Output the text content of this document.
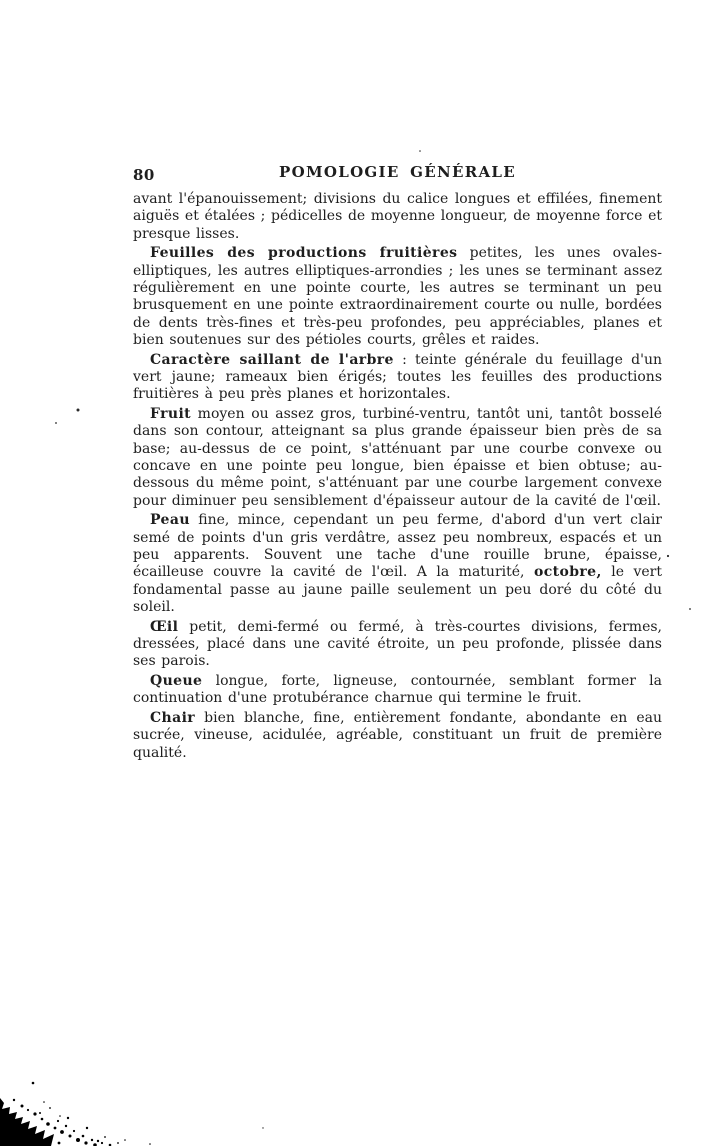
80	POMOLOGIE GÉNÉRALE

avant l'épanouissement; divisions du calice longues et effilées, finement aiguës et étalées ; pédicelles de moyenne longueur, de moyenne force et presque lisses.

Feuilles des productions fruitières petites, les unes ovales-elliptiques, les autres elliptiques-arrondies ; les unes se terminant assez régulièrement en une pointe courte, les autres se terminant un peu brusquement en une pointe extraordinairement courte ou nulle, bordées de dents très-fines et très-peu profondes, peu appréciables, planes et bien soutenues sur des pétioles courts, grêles et raides.

Caractère saillant de l'arbre : teinte générale du feuillage d'un vert jaune; rameaux bien érigés; toutes les feuilles des productions fruitières à peu près planes et horizontales.

Fruit moyen ou assez gros, turbiné-ventru, tantôt uni, tantôt bosselé dans son contour, atteignant sa plus grande épaisseur bien près de sa base; au-dessus de ce point, s'atténuant par une courbe convexe ou concave en une pointe peu longue, bien épaisse et bien obtuse; au-dessous du même point, s'atténuant par une courbe largement convexe pour diminuer peu sensiblement d'épaisseur autour de la cavité de l'œil.

Peau fine, mince, cependant un peu ferme, d'abord d'un vert clair semé de points d'un gris verdâtre, assez peu nombreux, espacés et un peu apparents. Souvent une tache d'une rouille brune, épaisse, écailleuse couvre la cavité de l'œil. A la maturité, octobre, le vert fondamental passe au jaune paille seulement un peu doré du côté du soleil.

Œil petit, demi-fermé ou fermé, à très-courtes divisions, fermes, dressées, placé dans une cavité étroite, un peu profonde, plissée dans ses parois.

Queue longue, forte, ligneuse, contournée, semblant former la continuation d'une protubérance charnue qui termine le fruit.

Chair bien blanche, fine, entièrement fondante, abondante en eau sucrée, vineuse, acidulée, agréable, constituant un fruit de première qualité.
